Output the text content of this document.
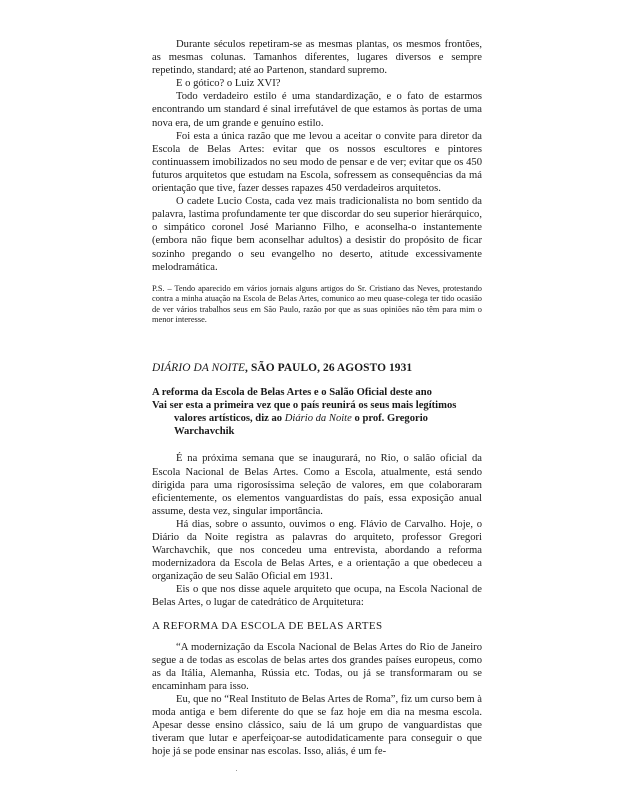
Durante séculos repetiram-se as mesmas plantas, os mesmos frontões, as mesmas colunas. Tamanhos diferentes, lugares diversos e sempre repetindo, standard; até ao Partenon, standard supremo.

E o gótico? o Luiz XVI?

Todo verdadeiro estilo é uma standardização, e o fato de estarmos encontrando um standard é sinal irrefutável de que estamos às portas de uma nova era, de um grande e genuíno estilo.

Foi esta a única razão que me levou a aceitar o convite para diretor da Escola de Belas Artes: evitar que os nossos escultores e pintores continuassem imobilizados no seu modo de pensar e de ver; evitar que os 450 futuros arquitetos que estudam na Escola, sofressem as consequências da má orientação que tive, fazer desses rapazes 450 verdadeiros arquitetos.

O cadete Lucio Costa, cada vez mais tradicionalista no bom sentido da palavra, lastima profundamente ter que discordar do seu superior hierárquico, o simpático coronel José Marianno Filho, e aconselha-o instantemente (embora não fique bem aconselhar adultos) a desistir do propósito de ficar sozinho pregando o seu evangelho no deserto, atitude excessivamente melodramática.

P.S. – Tendo aparecido em vários jornais alguns artigos do Sr. Cristiano das Neves, protestando contra a minha atuação na Escola de Belas Artes, comunico ao meu quase-colega ter tido ocasião de ver vários trabalhos seus em São Paulo, razão por que as suas opiniões não têm para mim o menor interesse.

DIÁRIO DA NOITE, SÃO PAULO, 26 AGOSTO 1931

A reforma da Escola de Belas Artes e o Salão Oficial deste ano

Vai ser esta a primeira vez que o país reunirá os seus mais legítimos

valores artísticos, diz ao Diário da Noite o prof. Gregorio Warchavchik

É na próxima semana que se inaugurará, no Rio, o salão oficial da Escola Nacional de Belas Artes. Como a Escola, atualmente, está sendo dirigida para uma rigorosíssima seleção de valores, em que colaboraram eficientemente, os elementos vanguardistas do país, essa exposição anual assume, desta vez, singular importância.

Há dias, sobre o assunto, ouvimos o eng. Flávio de Carvalho. Hoje, o Diário da Noite registra as palavras do arquiteto, professor Gregori Warchavchik, que nos concedeu uma entrevista, abordando a reforma modernizadora da Escola de Belas Artes, e a orientação a que obedeceu a organização de seu Salão Oficial em 1931.

Eis o que nos disse aquele arquiteto que ocupa, na Escola Nacional de Belas Artes, o lugar de catedrático de Arquitetura:

A REFORMA DA ESCOLA DE BELAS ARTES

“A modernização da Escola Nacional de Belas Artes do Rio de Janeiro segue a de todas as escolas de belas artes dos grandes países europeus, como as da Itália, Alemanha, Rússia etc. Todas, ou já se transformaram ou se encaminham para isso.

Eu, que no “Real Instituto de Belas Artes de Roma”, fiz um curso bem à moda antiga e bem diferente do que se faz hoje em dia na mesma escola. Apesar desse ensino clássico, saiu de lá um grupo de vanguardistas que tiveram que lutar e aperfeiçoar-se autodidaticamente para conseguir o que hoje já se pode ensinar nas escolas. Isso, aliás, é um fe-
